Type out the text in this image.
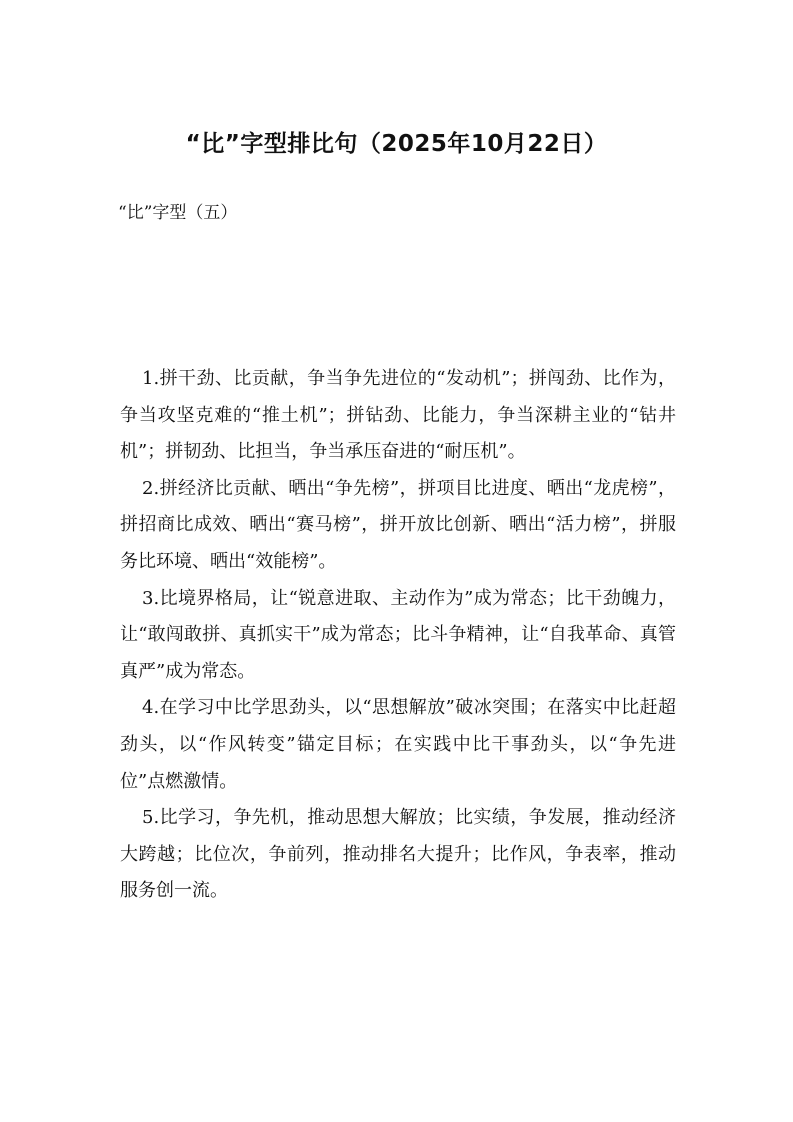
“比”字型排比句（2025年10月22日）

“比”字型（五）

1.拼干劲、比贡献，争当争先进位的“发动机”；拼闯劲、比作为，争当攻坚克难的“推土机”；拼钻劲、比能力，争当深耕主业的“钻井机”；拼韧劲、比担当，争当承压奋进的“耐压机”。

2.拼经济比贡献、晒出“争先榜”，拼项目比进度、晒出“龙虎榜”，拼招商比成效、晒出“赛马榜”，拼开放比创新、晒出“活力榜”，拼服务比环境、晒出“效能榜”。

3.比境界格局，让“锐意进取、主动作为”成为常态；比干劲魄力，让“敢闯敢拼、真抓实干”成为常态；比斗争精神，让“自我革命、真管真严”成为常态。

4.在学习中比学思劲头，以“思想解放”破冰突围；在落实中比赶超劲头，以“作风转变”锚定目标；在实践中比干事劲头，以“争先进位”点燃激情。

5.比学习，争先机，推动思想大解放；比实绩，争发展，推动经济大跨越；比位次，争前列，推动排名大提升；比作风，争表率，推动服务创一流。
